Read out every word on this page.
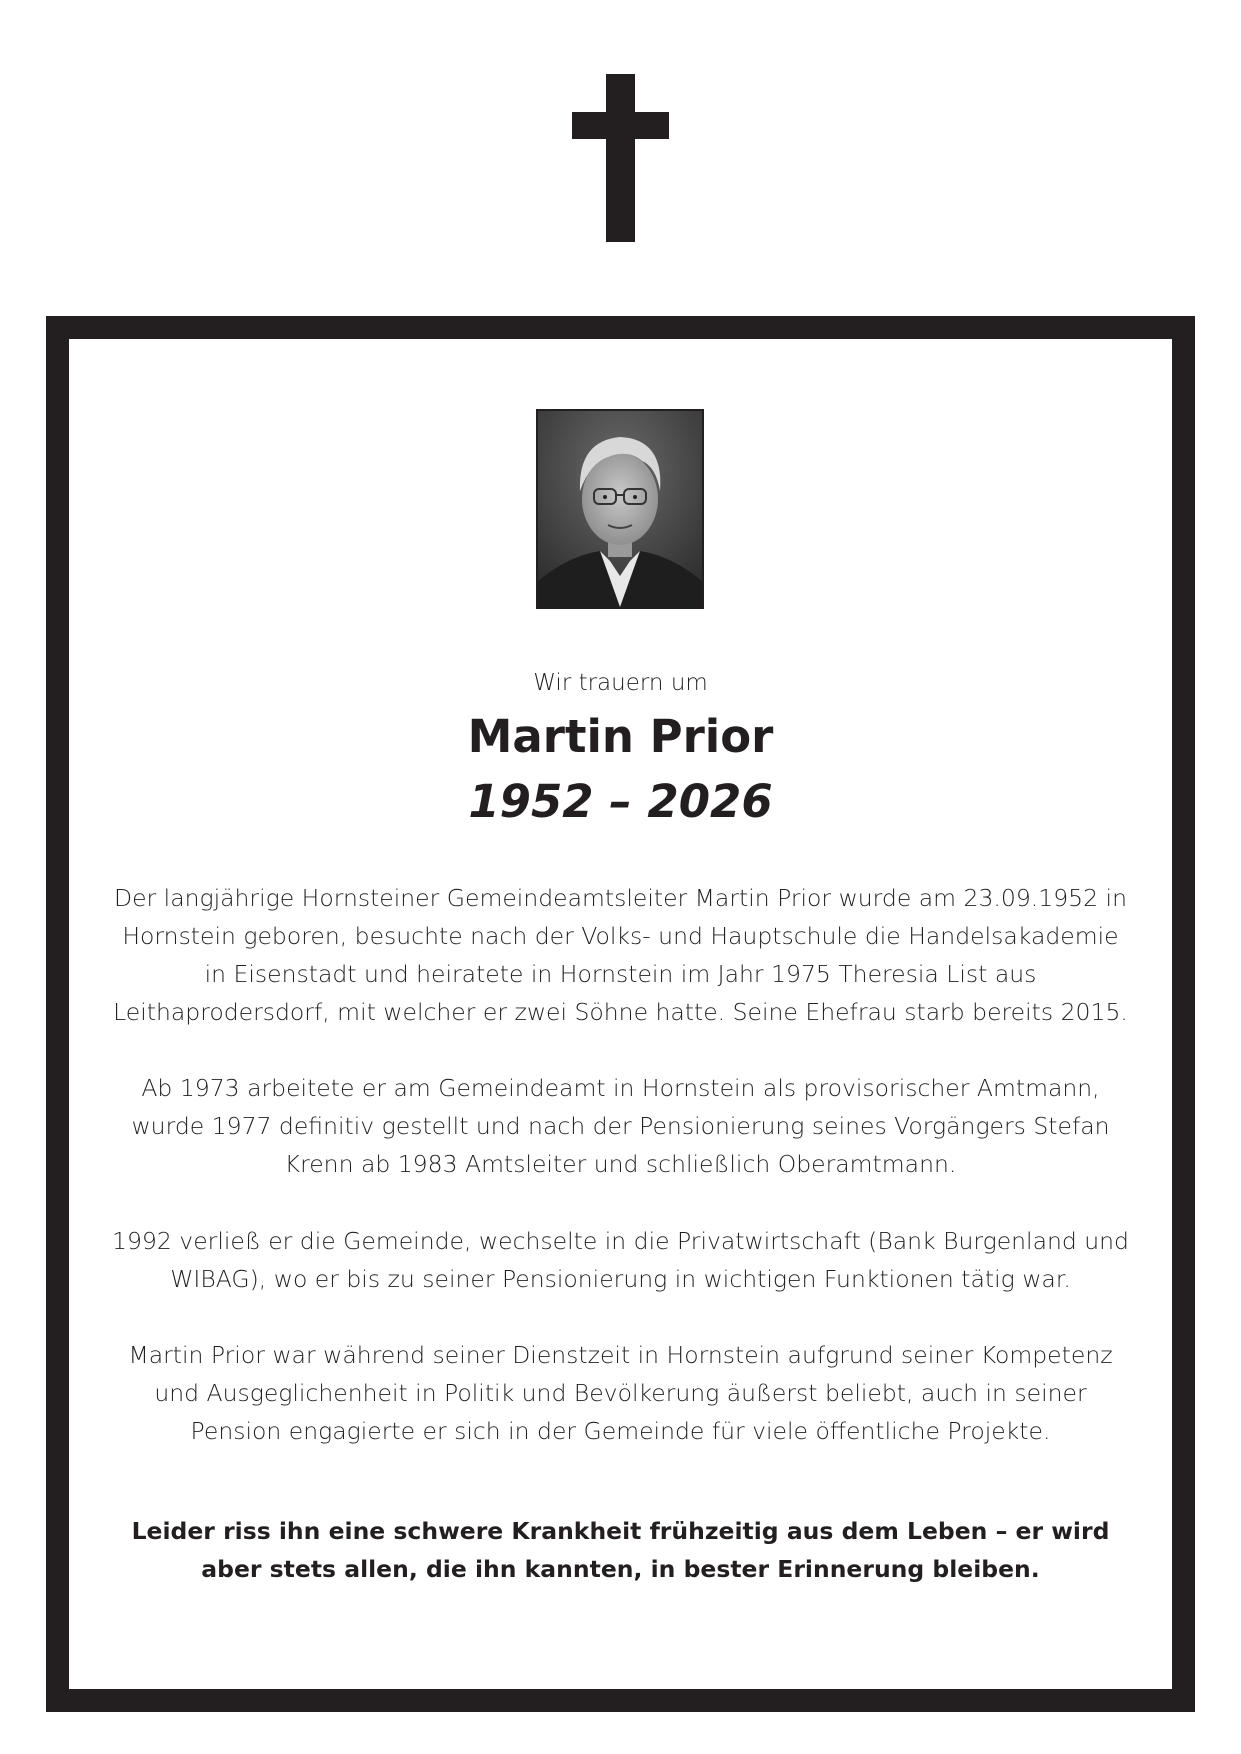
Wir trauern um
Martin Prior
1952 – 2026

Der langjährige Hornsteiner Gemeindeamtsleiter Martin Prior wurde am 23.09.1952 in Hornstein geboren, besuchte nach der Volks- und Hauptschule die Handelsakademie in Eisenstadt und heiratete in Hornstein im Jahr 1975 Theresia List aus Leithaprodersdorf, mit welcher er zwei Söhne hatte. Seine Ehefrau starb bereits 2015.

Ab 1973 arbeitete er am Gemeindeamt in Hornstein als provisorischer Amtmann, wurde 1977 definitiv gestellt und nach der Pensionierung seines Vorgängers Stefan Krenn ab 1983 Amtsleiter und schließlich Oberamtmann.

1992 verließ er die Gemeinde, wechselte in die Privatwirtschaft (Bank Burgenland und WIBAG), wo er bis zu seiner Pensionierung in wichtigen Funktionen tätig war.

Martin Prior war während seiner Dienstzeit in Hornstein aufgrund seiner Kompetenz und Ausgeglichenheit in Politik und Bevölkerung äußerst beliebt, auch in seiner Pension engagierte er sich in der Gemeinde für viele öffentliche Projekte.

Leider riss ihn eine schwere Krankheit frühzeitig aus dem Leben – er wird aber stets allen, die ihn kannten, in bester Erinnerung bleiben.
